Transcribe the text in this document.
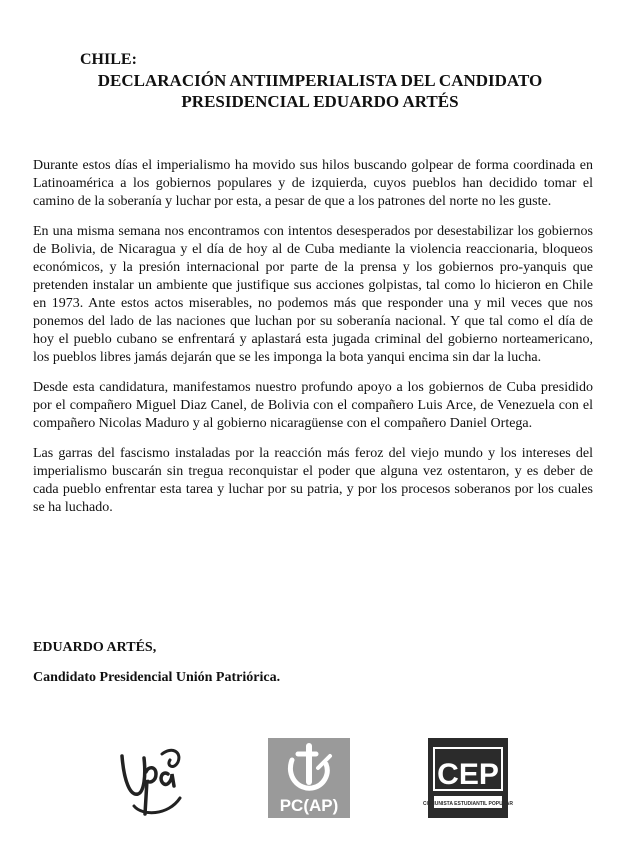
CHILE:
DECLARACIÓN ANTIIMPERIALISTA DEL CANDIDATO
PRESIDENCIAL EDUARDO ARTÉS

Durante estos días el imperialismo ha movido sus hilos buscando golpear de forma coordinada en Latinoamérica a los gobiernos populares y de izquierda, cuyos pueblos han decidido tomar el camino de la soberanía y luchar por esta, a pesar de que a los patrones del norte no les guste.

En una misma semana nos encontramos con intentos desesperados por desestabilizar los gobiernos de Bolivia, de Nicaragua y el día de hoy al de Cuba mediante la violencia reaccionaria, bloqueos económicos, y la presión internacional por parte de la prensa y los gobiernos pro-yanquis que pretenden instalar un ambiente que justifique sus acciones golpistas, tal como lo hicieron en Chile en 1973. Ante estos actos miserables, no podemos más que responder una y mil veces que nos ponemos del lado de las naciones que luchan por su soberanía nacional. Y que tal como el día de hoy el pueblo cubano se enfrentará y aplastará esta jugada criminal del gobierno norteamericano, los pueblos libres jamás dejarán que se les imponga la bota yanqui encima sin dar la lucha.

Desde esta candidatura, manifestamos nuestro profundo apoyo a los gobiernos de Cuba presidido por el compañero Miguel Diaz Canel, de Bolivia con el compañero Luis Arce, de Venezuela con el compañero Nicolas Maduro y al gobierno nicaragüense con el compañero Daniel Ortega.

Las garras del fascismo instaladas por la reacción más feroz del viejo mundo y los intereses del imperialismo buscarán sin tregua reconquistar el poder que alguna vez ostentaron, y es deber de cada pueblo enfrentar esta tarea y luchar por su patria, y por los procesos soberanos por los cuales se ha luchado.

EDUARDO ARTÉS,
Candidato Presidencial Unión Patriórica.
PC(AP)
CEP
COMUNISTA ESTUDIANTIL POPULAR
